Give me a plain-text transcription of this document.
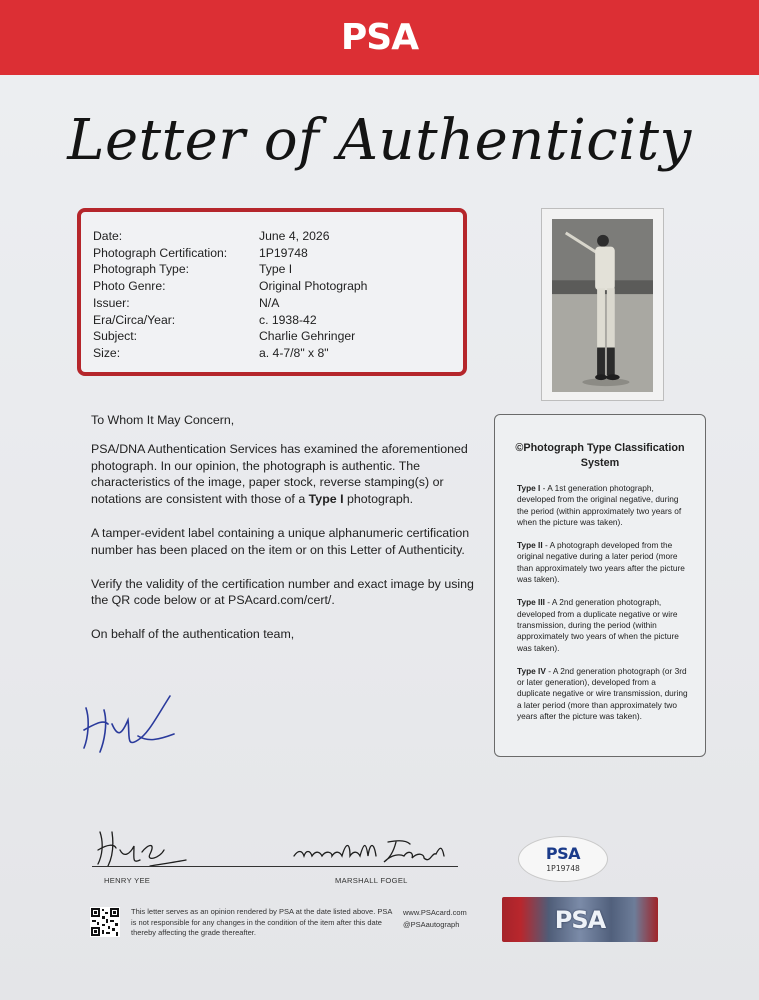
PSA
Letter of Authenticity
Date:	June 4, 2026
Photograph Certification:	1P19748
Photograph Type:	Type I
Photo Genre:	Original Photograph
Issuer:	N/A
Era/Circa/Year:	c. 1938-42
Subject:	Charlie Gehringer
Size:	a. 4-7/8" x 8"

To Whom It May Concern,

PSA/DNA Authentication Services has examined the aforementioned photograph. In our opinion, the photograph is authentic. The characteristics of the image, paper stock, reverse stamping(s) or notations are consistent with those of a Type I photograph.

A tamper-evident label containing a unique alphanumeric certification number has been placed on the item or on this Letter of Authenticity.

Verify the validity of the certification number and exact image by using the QR code below or at PSAcard.com/cert/.

On behalf of the authentication team,

©Photograph Type Classification System
Type I - A 1st generation photograph, developed from the original negative, during the period (within approximately two years of when the picture was taken).
Type II - A photograph developed from the original negative during a later period (more than approximately two years after the picture was taken).
Type III - A 2nd generation photograph, developed from a duplicate negative or wire transmission, during the period (within approximately two years of when the picture was taken).
Type IV - A 2nd generation photograph (or 3rd or later generation), developed from a duplicate negative or wire transmission, during a later period (more than approximately two years after the picture was taken).
HENRY YEE	MARSHALL FOGEL
PSA
1P19748
This letter serves as an opinion rendered by PSA at the date listed above. PSA is not responsible for any changes in the condition of the item after this date thereby affecting the grade thereafter.
www.PSAcard.com
@PSAautograph	PSA
